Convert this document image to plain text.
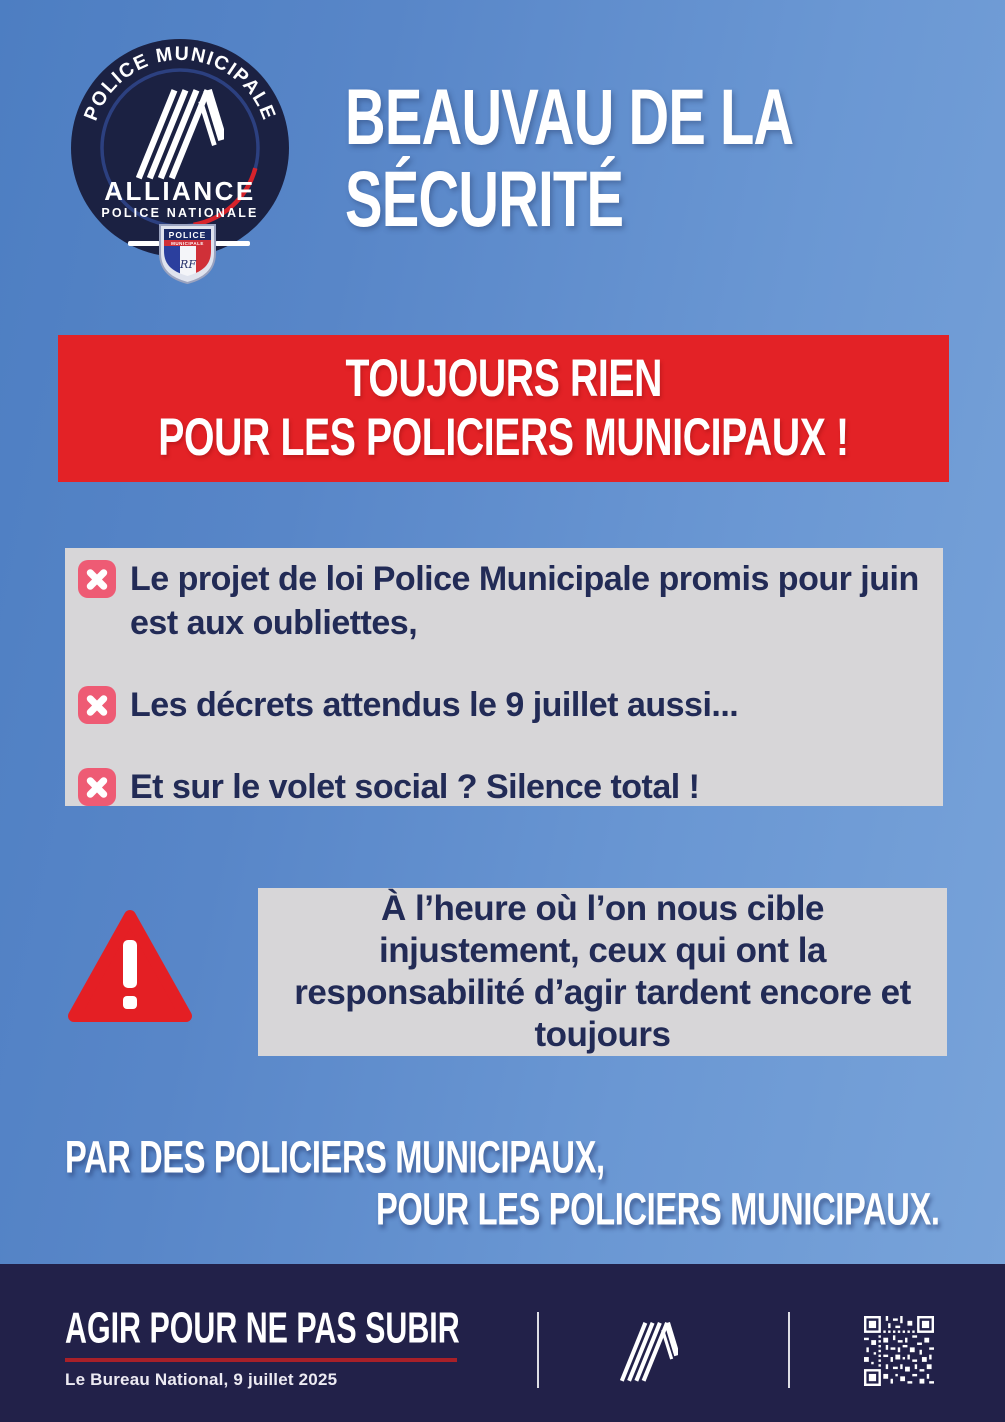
POLICE MUNICIPALE
ALLIANCE
POLICE NATIONALE
POLICE
MUNICIPALE
RF
BEAUVAU DE LA
SÉCURITÉ
TOUJOURS RIEN
POUR LES POLICIERS MUNICIPAUX !
Le projet de loi Police Municipale promis pour juin est aux oubliettes,
Les décrets attendus le 9 juillet aussi...
Et sur le volet social ? Silence total !
À l’heure où l’on nous cible injustement, ceux qui ont la responsabilité d’agir tardent encore et toujours
PAR DES POLICIERS MUNICIPAUX,
POUR LES POLICIERS MUNICIPAUX.
AGIR POUR NE PAS SUBIR
Le Bureau National, 9 juillet 2025
